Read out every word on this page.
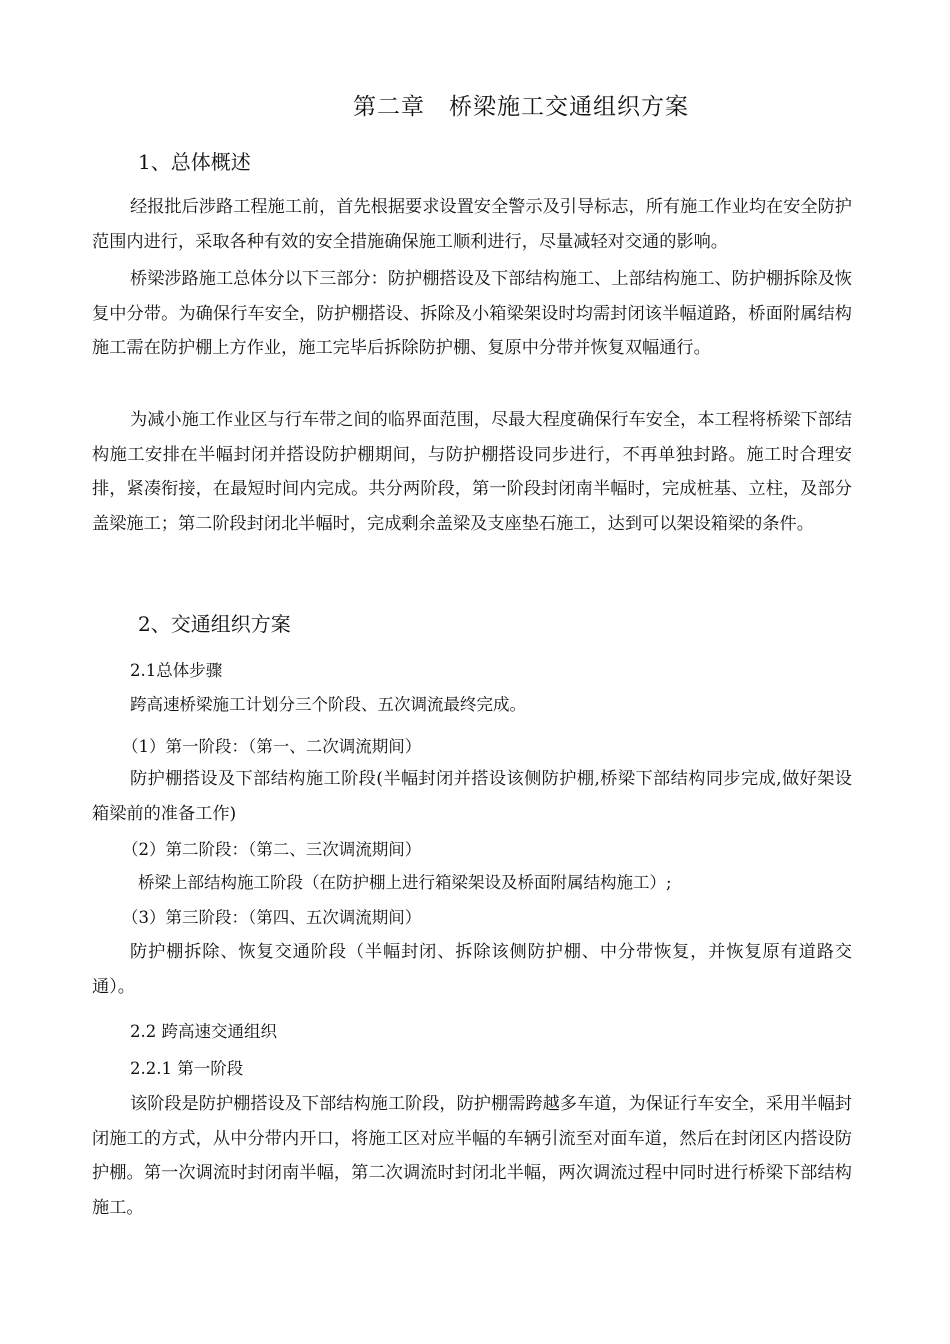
第二章　桥梁施工交通组织方案
1、总体概述

经报批后涉路工程施工前，首先根据要求设置安全警示及引导标志，所有施工作业均在安全防护范围内进行，采取各种有效的安全措施确保施工顺利进行，尽量减轻对交通的影响。

桥梁涉路施工总体分以下三部分：防护棚搭设及下部结构施工、上部结构施工、防护棚拆除及恢复中分带。为确保行车安全，防护棚搭设、拆除及小箱梁架设时均需封闭该半幅道路，桥面附属结构施工需在防护棚上方作业，施工完毕后拆除防护棚、复原中分带并恢复双幅通行。

为减小施工作业区与行车带之间的临界面范围，尽最大程度确保行车安全，本工程将桥梁下部结构施工安排在半幅封闭并搭设防护棚期间，与防护棚搭设同步进行，不再单独封路。施工时合理安排，紧凑衔接，在最短时间内完成。共分两阶段，第一阶段封闭南半幅时，完成桩基、立柱，及部分盖梁施工；第二阶段封闭北半幅时，完成剩余盖梁及支座垫石施工，达到可以架设箱梁的条件。

2、交通组织方案
2.1总体步骤
跨高速桥梁施工计划分三个阶段、五次调流最终完成。
（1）第一阶段：（第一、二次调流期间）

防护棚搭设及下部结构施工阶段(半幅封闭并搭设该侧防护棚,桥梁下部结构同步完成,做好架设箱梁前的准备工作)

（2）第二阶段：（第二、三次调流期间）
桥梁上部结构施工阶段（在防护棚上进行箱梁架设及桥面附属结构施工）;
（3）第三阶段：（第四、五次调流期间）

防护棚拆除、恢复交通阶段（半幅封闭、拆除该侧防护棚、中分带恢复，并恢复原有道路交通）。

2.2 跨高速交通组织
2.2.1 第一阶段

该阶段是防护棚搭设及下部结构施工阶段，防护棚需跨越多车道，为保证行车安全，采用半幅封闭施工的方式，从中分带内开口，将施工区对应半幅的车辆引流至对面车道，然后在封闭区内搭设防护棚。第一次调流时封闭南半幅，第二次调流时封闭北半幅，两次调流过程中同时进行桥梁下部结构施工。
